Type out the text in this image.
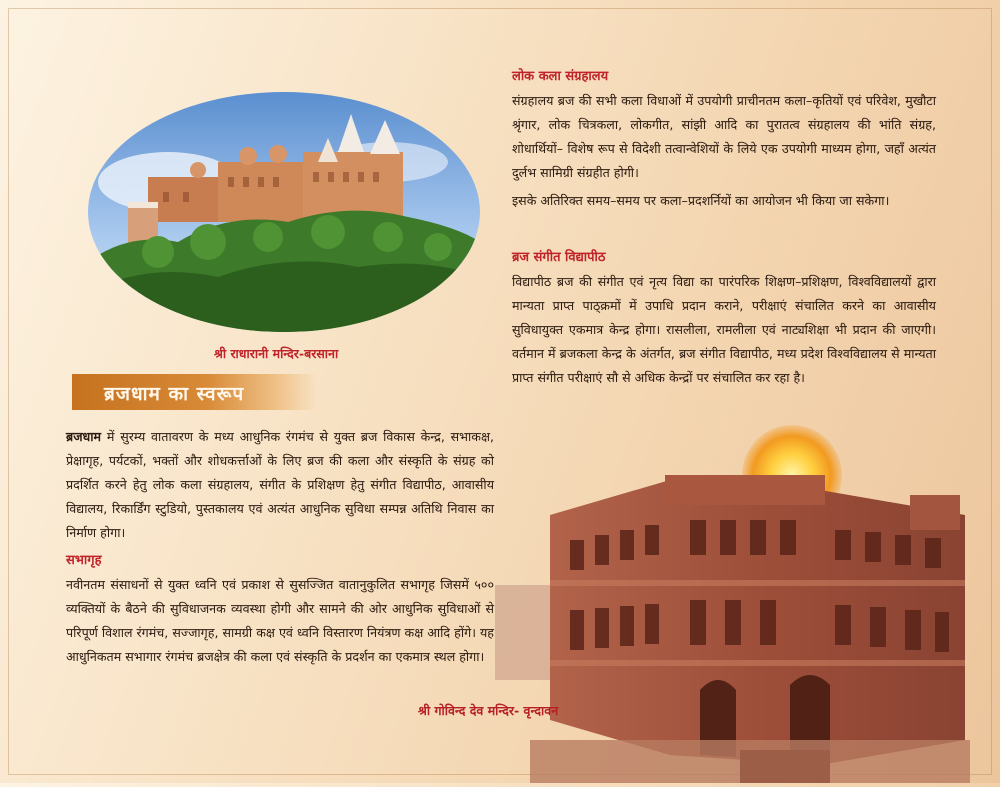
श्री राधारानी मन्दिर-बरसाना
ब्रजधाम का स्वरूप
ब्रजधाम में सुरम्य वातावरण के मध्य आधुनिक रंगमंच से युक्त ब्रज विकास केन्द्र, सभाकक्ष, प्रेक्षागृह, पर्यटकों, भक्तों और शोधकर्त्ताओं के लिए ब्रज की कला और संस्कृति के संग्रह को प्रदर्शित करने हेतु लोक कला संग्रहालय, संगीत के प्रशिक्षण हेतु संगीत विद्यापीठ, आवासीय विद्यालय, रिकार्डिंग स्टुडियो, पुस्तकालय एवं अत्यंत आधुनिक सुविधा सम्पन्न अतिथि निवास का निर्माण होगा।
सभागृह
नवीनतम संसाधनों से युक्त ध्वनि एवं प्रकाश से सुसज्जित वातानुकुलित सभागृह जिसमें ५०० व्यक्तियों के बैठने की सुविधाजनक व्यवस्था होगी और सामने की ओर आधुनिक सुविधाओं से परिपूर्ण विशाल रंगमंच, सज्जागृह, सामग्री कक्ष एवं ध्वनि विस्तारण नियंत्रण कक्ष आदि होंगे। यह आधुनिकतम सभागार रंगमंच ब्रजक्षेत्र की कला एवं संस्कृति के प्रदर्शन का एकमात्र स्थल होगा।
लोक कला संग्रहालय
संग्रहालय ब्रज की सभी कला विधाओं में उपयोगी प्राचीनतम कला–कृतियों एवं परिवेश, मुखौटा श्रृंगार, लोक चित्रकला, लोकगीत, सांझी आदि का पुरातत्व संग्रहालय की भांति संग्रह, शोधार्थियों– विशेष रूप से विदेशी तत्वान्वेशियों के लिये एक उपयोगी माध्यम होगा, जहाँ अत्यंत दुर्लभ सामिग्री संग्रहीत होगी।
इसके अतिरिक्त समय–समय पर कला–प्रदशर्नियों का आयोजन भी किया जा सकेगा।
ब्रज संगीत विद्यापीठ
विद्यापीठ ब्रज की संगीत एवं नृत्य विद्या का पारंपरिक शिक्षण–प्रशिक्षण, विश्वविद्यालयों द्वारा मान्यता प्राप्त पाठ्क्रमों में उपाधि प्रदान कराने, परीक्षाएं संचालित करने का आवासीय सुविधायुक्त एकमात्र केन्द्र होगा। रासलीला, रामलीला एवं नाट्यशिक्षा भी प्रदान की जाएगी। वर्तमान में ब्रजकला केन्द्र के अंतर्गत, ब्रज संगीत विद्यापीठ, मध्य प्रदेश विश्वविद्यालय से मान्यता प्राप्त संगीत परीक्षाएं सौ से अधिक केन्द्रों पर संचालित कर रहा है।
श्री गोविन्द देव मन्दिर- वृन्दावन
